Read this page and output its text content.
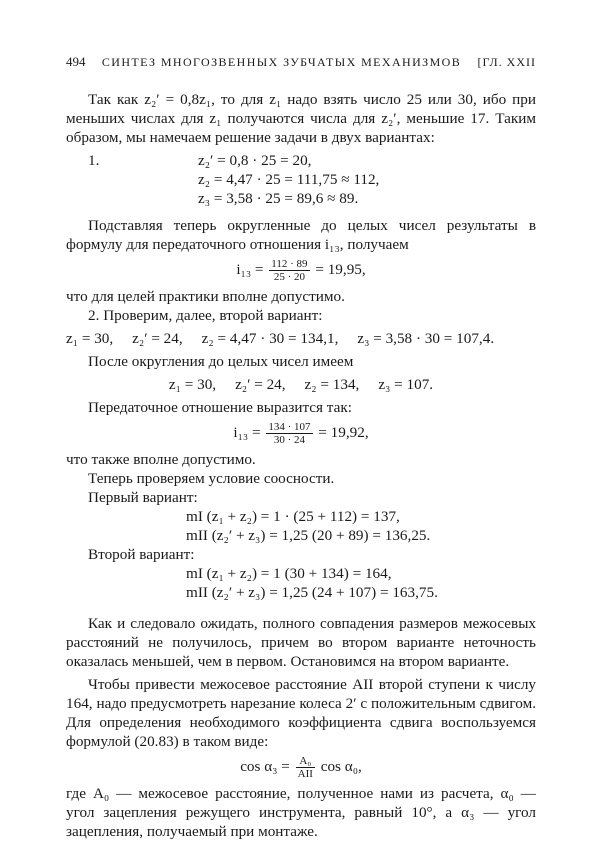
494 СИНТЕЗ МНОГОЗВЕННЫХ ЗУБЧАТЫХ МЕХАНИЗМОВ [ГЛ. XXII

Так как z₂′ = 0,8z₁, то для z₁ надо взять число 25 или 30, ибо при меньших числах для z₁ получаются числа для z₂′, меньшие 17. Таким образом, мы намечаем решение задачи в двух вариантах:

1.	z₂′ = 0,8 · 25 = 20,
z₂ = 4,47 · 25 = 111,75 ≈ 112,
z₃ = 3,58 · 25 = 89,6 ≈ 89.

Подставляя теперь округленные до целых чисел результаты в формулу для передаточного отношения i₁₃, получаем

$i_{13} = \frac{112 \cdot 89}{25 \cdot 20} = 19,95$,

что для целей практики вполне допустимо.

2. Проверим, далее, второй вариант:

z₁ = 30,     z₂′ = 24,     z₂ = 4,47 · 30 = 134,1,     z₃ = 3,58 · 30 = 107,4.

После округления до целых чисел имеем

z₁ = 30,     z₂′ = 24,     z₂ = 134,     z₃ = 107.

Передаточное отношение выразится так:

$i_{13} = \frac{134 \cdot 107}{30 \cdot 24} = 19,92$,

что также вполне допустимо.

Теперь проверяем условие соосности.

Первый вариант:

mI (z₁ + z₂) = 1 · (25 + 112) = 137,
mII (z₂′ + z₃) = 1,25 (20 + 89) = 136,25.

Второй вариант:

mI (z₁ + z₂) = 1 (30 + 134) = 164,
mII (z₂′ + z₃) = 1,25 (24 + 107) = 163,75.

Как и следовало ожидать, полного совпадения размеров межосевых расстояний не получилось, причем во втором варианте неточность оказалась меньшей, чем в первом. Остановимся на втором варианте.

Чтобы привести межосевое расстояние AII второй ступени к числу 164, надо предусмотреть нарезание колеса 2′ с положительным сдвигом. Для определения необходимого коэффициента сдвига воспользуемся формулой (20.83) в таком виде:

$\cos \alpha_3 = \frac{\text{A₀}}{\text{AII}}$ cos α₀,

где A₀ — межосевое расстояние, полученное нами из расчета, α₀ — угол зацепления режущего инструмента, равный 10°, а α₃ — угол зацепления, получаемый при монтаже.
